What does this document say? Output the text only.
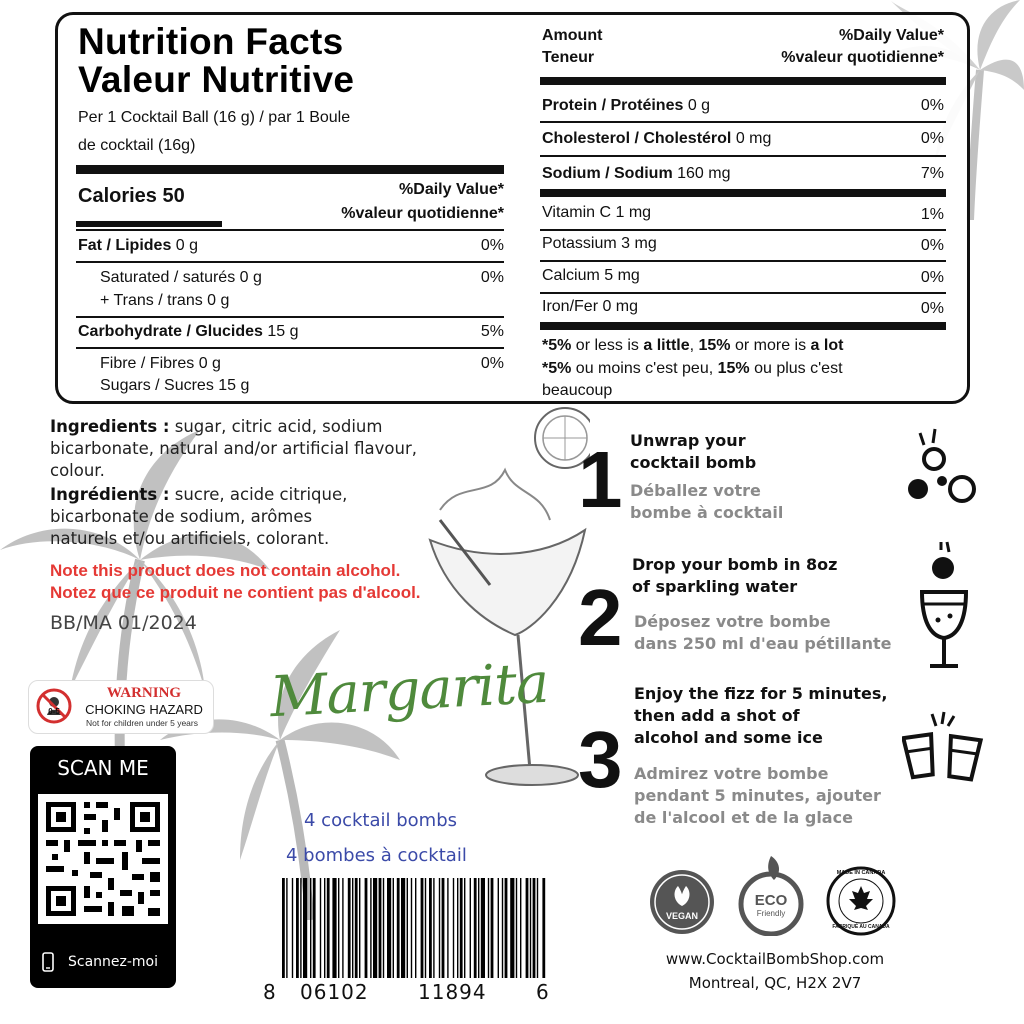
Nutrition Facts
Valeur Nutritive
Per 1 Cocktail Ball (16 g) / par 1 Boule
de cocktail (16g)
Calories 50	%Daily Value*
%valeur quotidienne*
Fat / Lipides 0 g	0%
Saturated / saturés 0 g	0%
+ Trans / trans 0 g
Carbohydrate / Glucides 15 g	5%
Fibre / Fibres 0 g	0%
Sugars / Sucres 15 g
Amount
Teneur
%Daily Value*
%valeur quotidienne*
Protein / Protéines 0 g	0%
Cholesterol / Cholestérol 0 mg	0%
Sodium / Sodium 160 mg	7%
Vitamin C 1 mg	1%
Potassium 3 mg	0%
Calcium 5 mg	0%
Iron/Fer 0 mg	0%
*5% or less is a little, 15% or more is a lot
*5% ou moins c'est peu, 15% ou plus c'est
beaucoup
Ingredients : sugar, citric acid, sodium
bicarbonate, natural and/or artificial flavour,
colour.
Ingrédients : sucre, acide citrique,
bicarbonate de sodium, arômes
naturels et/ou artificiels, colorant.
Note this product does not contain alcohol.
Notez que ce produit ne contient pas d'alcool.
BB/MA 01/2024
0-5
WARNING
CHOKING HAZARD
Not for children under 5 years
SCAN ME
Scannez-moi
Margarita
4 cocktail bombs
4 bombes à cocktail
8 06102 11894 6
1 Unwrap your
cocktail bomb
Déballez votre
bombe à cocktail
2
Drop your bomb in 8oz
of sparkling water
Déposez votre bombe
dans 250 ml d'eau pétillante
3
Enjoy the fizz for 5 minutes,
then add a shot of
alcohol and some ice
Admirez votre bombe
pendant 5 minutes, ajouter
de l'alcool et de la glace
VEGAN
ECO
Friendly
MADE IN CANADA
FABRIQUÉ AU CANADA
www.CocktailBombShop.com
Montreal, QC, H2X 2V7
